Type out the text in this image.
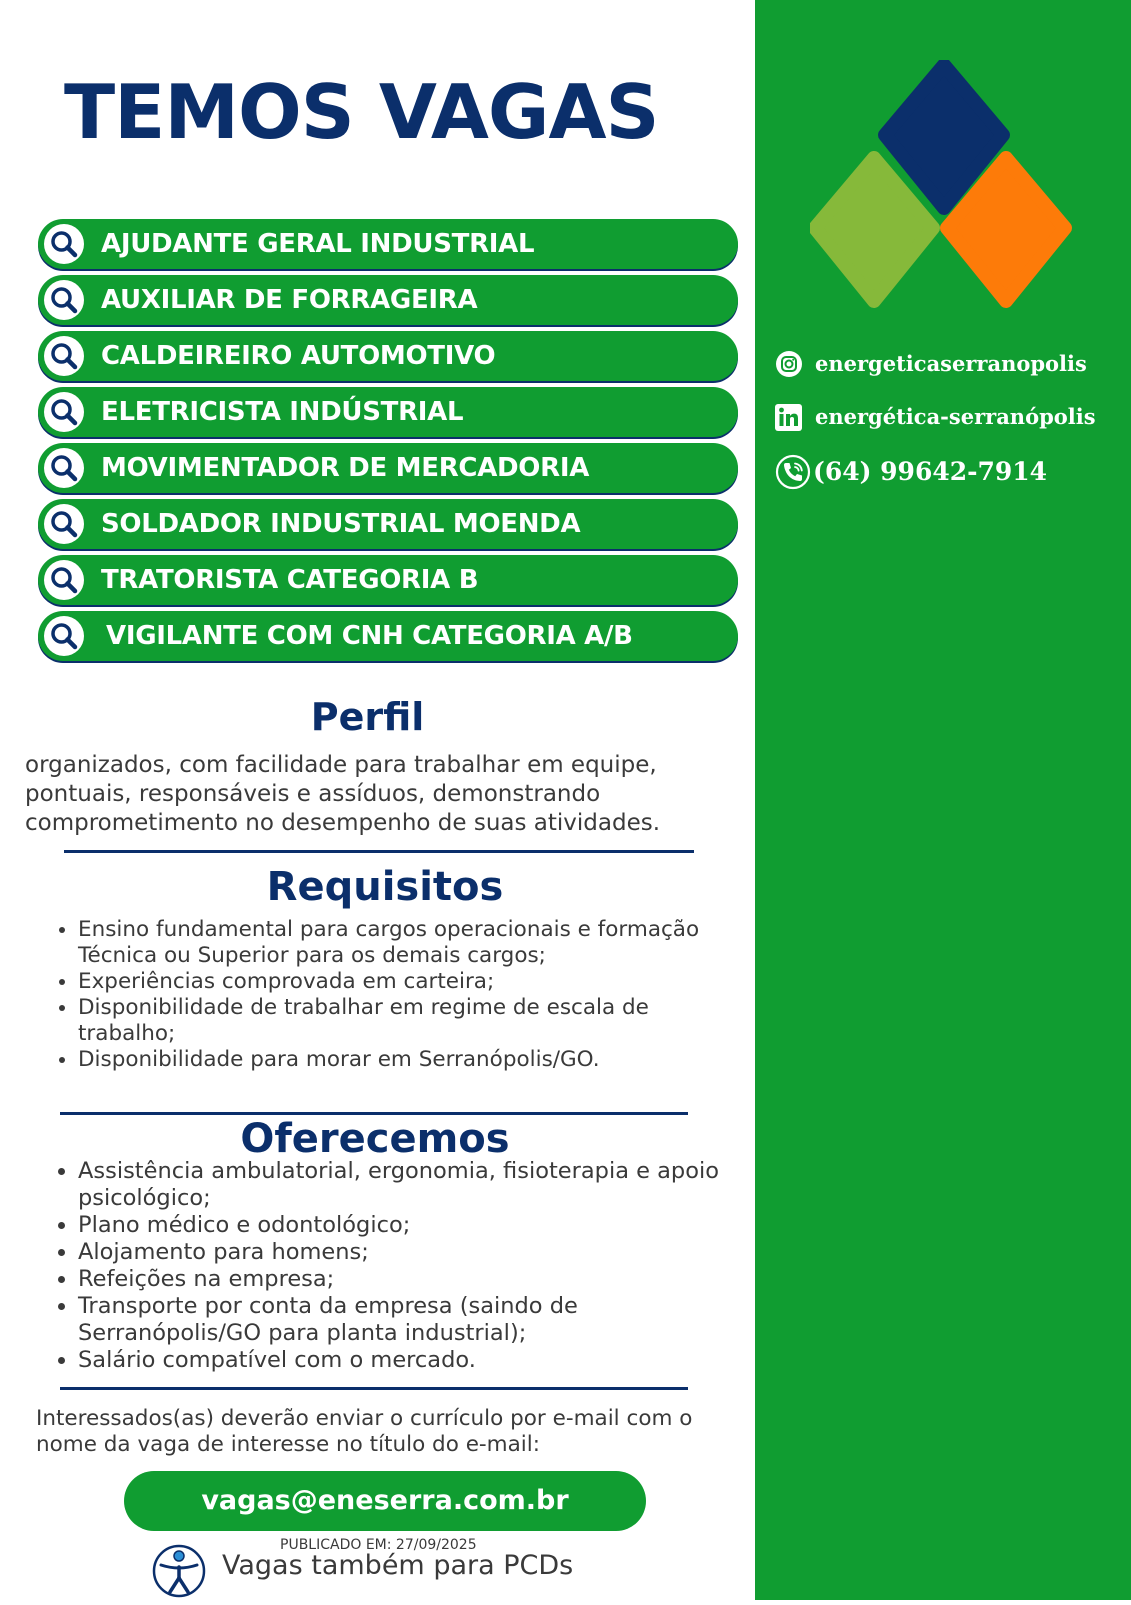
TEMOS VAGAS
AJUDANTE GERAL INDUSTRIAL
AUXILIAR DE FORRAGEIRA
CALDEIREIRO AUTOMOTIVO
ELETRICISTA INDÚSTRIAL
MOVIMENTADOR DE MERCADORIA
SOLDADOR INDUSTRIAL MOENDA
TRATORISTA CATEGORIA B
VIGILANTE COM CNH CATEGORIA A/B
Perfil
organizados, com facilidade para trabalhar em equipe, pontuais, responsáveis e assíduos, demonstrando comprometimento no desempenho de suas atividades.
Requisitos
• Ensino fundamental para cargos operacionais e formação Técnica ou Superior para os demais cargos;
• Experiências comprovada em carteira;
• Disponibilidade de trabalhar em regime de escala de trabalho;
• Disponibilidade para morar em Serranópolis/GO.
Oferecemos
• Assistência ambulatorial, ergonomia, fisioterapia e apoio psicológico;
• Plano médico e odontológico;
• Alojamento para homens;
• Refeições na empresa;
• Transporte por conta da empresa (saindo de Serranópolis/GO para planta industrial);
• Salário compatível com o mercado.
Interessados(as) deverão enviar o currículo por e-mail com o nome da vaga de interesse no título do e-mail:
vagas@eneserra.com.br
PUBLICADO EM: 27/09/2025
Vagas também para PCDs
energeticaserranopolis
energética-serranópolis
(64) 99642-7914
